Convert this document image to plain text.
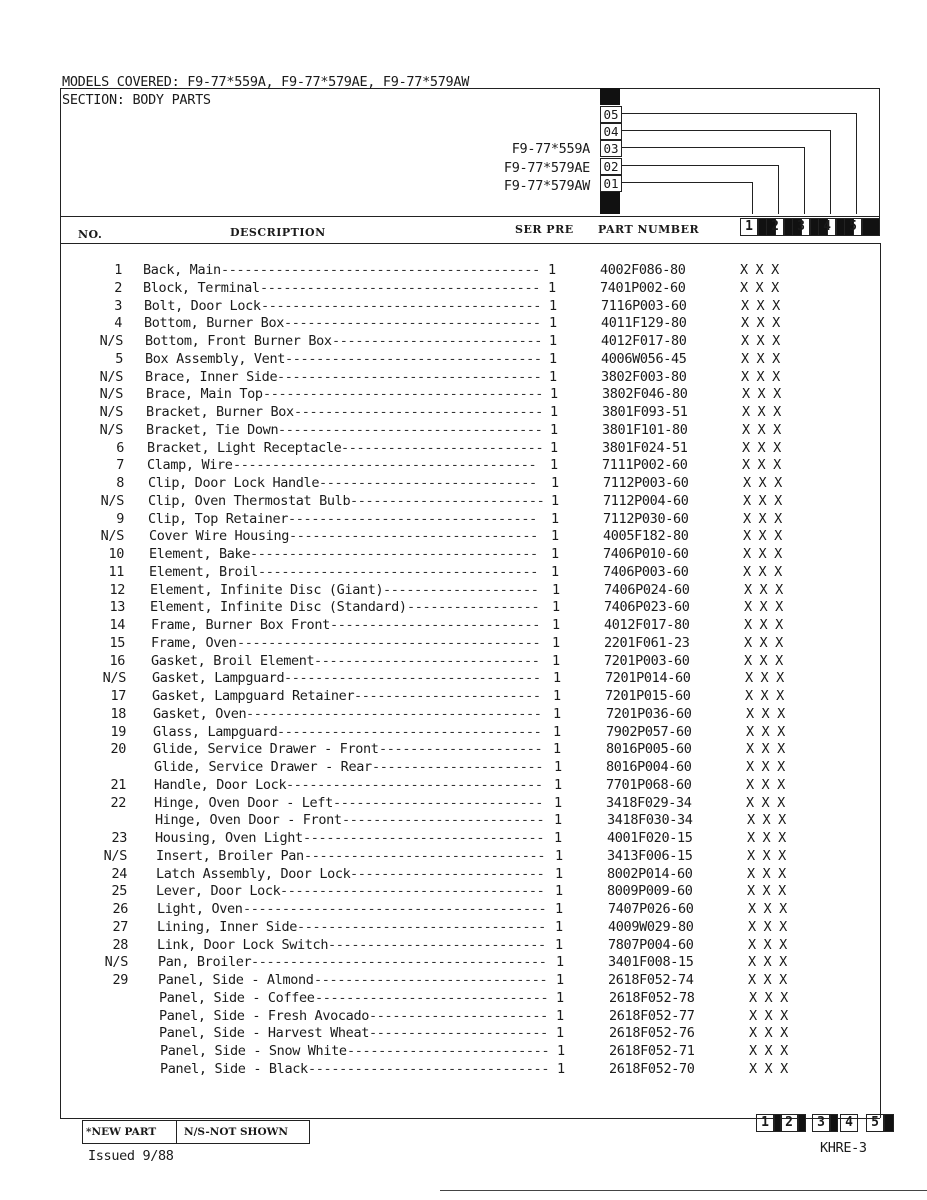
MODELS COVERED: F9-77*559A, F9-77*579AE, F9-77*579AW
SECTION: BODY PARTS
F9-77*559A
F9-77*579AE
F9-77*579AW
05
04
03
02
01
NO.	DESCRIPTION	SER PRE PART NUMBER	1	2	3	4	5
1 Back, Main ----------------------------------------- 1	4002F086-80	X X X
2 Block, Terminal ------------------------------------ 1	7401P002-60	X X X
3 Bolt, Door Lock ------------------------------------ 1	7116P003-60	X X X
4 Bottom, Burner Box --------------------------------- 1	4011F129-80	X X X
N/S Bottom, Front Burner Box --------------------------- 1	4012F017-80	X X X
5 Box Assembly, Vent --------------------------------- 1	4006W056-45	X X X
N/S Brace, Inner Side ---------------------------------- 1	3802F003-80	X X X
N/S Brace, Main Top ------------------------------------ 1	3802F046-80	X X X
N/S Bracket, Burner Box -------------------------------- 1	3801F093-51	X X X
N/S Bracket, Tie Down ---------------------------------- 1	3801F101-80	X X X
6 Bracket, Light Receptacle -------------------------- 1	3801F024-51	X X X
7 Clamp, Wire --------------------------------------- 1	7111P002-60	X X X
8 Clip, Door Lock Handle ---------------------------- 1	7112P003-60	X X X
N/S Clip, Oven Thermostat Bulb ------------------------- 1	7112P004-60	X X X
9 Clip, Top Retainer -------------------------------- 1	7112P030-60	X X X
N/S Cover Wire Housing -------------------------------- 1	4005F182-80	X X X
10 Element, Bake ------------------------------------- 1	7406P010-60	X X X
11 Element, Broil ------------------------------------ 1	7406P003-60	X X X
12 Element, Infinite Disc (Giant) -------------------- 1	7406P024-60	X X X
13 Element, Infinite Disc (Standard) ----------------- 1	7406P023-60	X X X
14 Frame, Burner Box Front --------------------------- 1	4012F017-80	X X X
15 Frame, Oven --------------------------------------- 1	2201F061-23	X X X
16 Gasket, Broil Element ----------------------------- 1	7201P003-60	X X X
N/S Gasket, Lampguard --------------------------------- 1	7201P014-60	X X X
17 Gasket, Lampguard Retainer ------------------------ 1	7201P015-60	X X X
18 Gasket, Oven -------------------------------------- 1	7201P036-60	X X X
19 Glass, Lampguard ---------------------------------- 1	7902P057-60	X X X
20 Glide, Service Drawer - Front --------------------- 1	8016P005-60	X X X
Glide, Service Drawer - Rear ---------------------- 1	8016P004-60	X X X
21 Handle, Door Lock --------------------------------- 1	7701P068-60	X X X
22 Hinge, Oven Door - Left --------------------------- 1	3418F029-34	X X X
Hinge, Oven Door - Front -------------------------- 1	3418F030-34	X X X
23 Housing, Oven Light ------------------------------- 1	4001F020-15	X X X
N/S Insert, Broiler Pan ------------------------------- 1	3413F006-15	X X X
24 Latch Assembly, Door Lock ------------------------- 1	8002P014-60	X X X
25 Lever, Door Lock ---------------------------------- 1	8009P009-60	X X X
26 Light, Oven --------------------------------------- 1	7407P026-60	X X X
27 Lining, Inner Side -------------------------------- 1	4009W029-80	X X X
28 Link, Door Lock Switch ---------------------------- 1	7807P004-60	X X X
N/S Pan, Broiler -------------------------------------- 1	3401F008-15	X X X
29 Panel, Side - Almond ------------------------------ 1	2618F052-74	X X X
Panel, Side - Coffee ------------------------------ 1	2618F052-78	X X X
Panel, Side - Fresh Avocado ----------------------- 1	2618F052-77	X X X
Panel, Side - Harvest Wheat ----------------------- 1	2618F052-76	X X X
Panel, Side - Snow White -------------------------- 1	2618F052-71	X X X
Panel, Side - Black ------------------------------- 1	2618F052-70	X X X
*NEW PART	N/S-NOT SHOWN
Issued 9/88	KHRE-3
1	2	3	4	5
